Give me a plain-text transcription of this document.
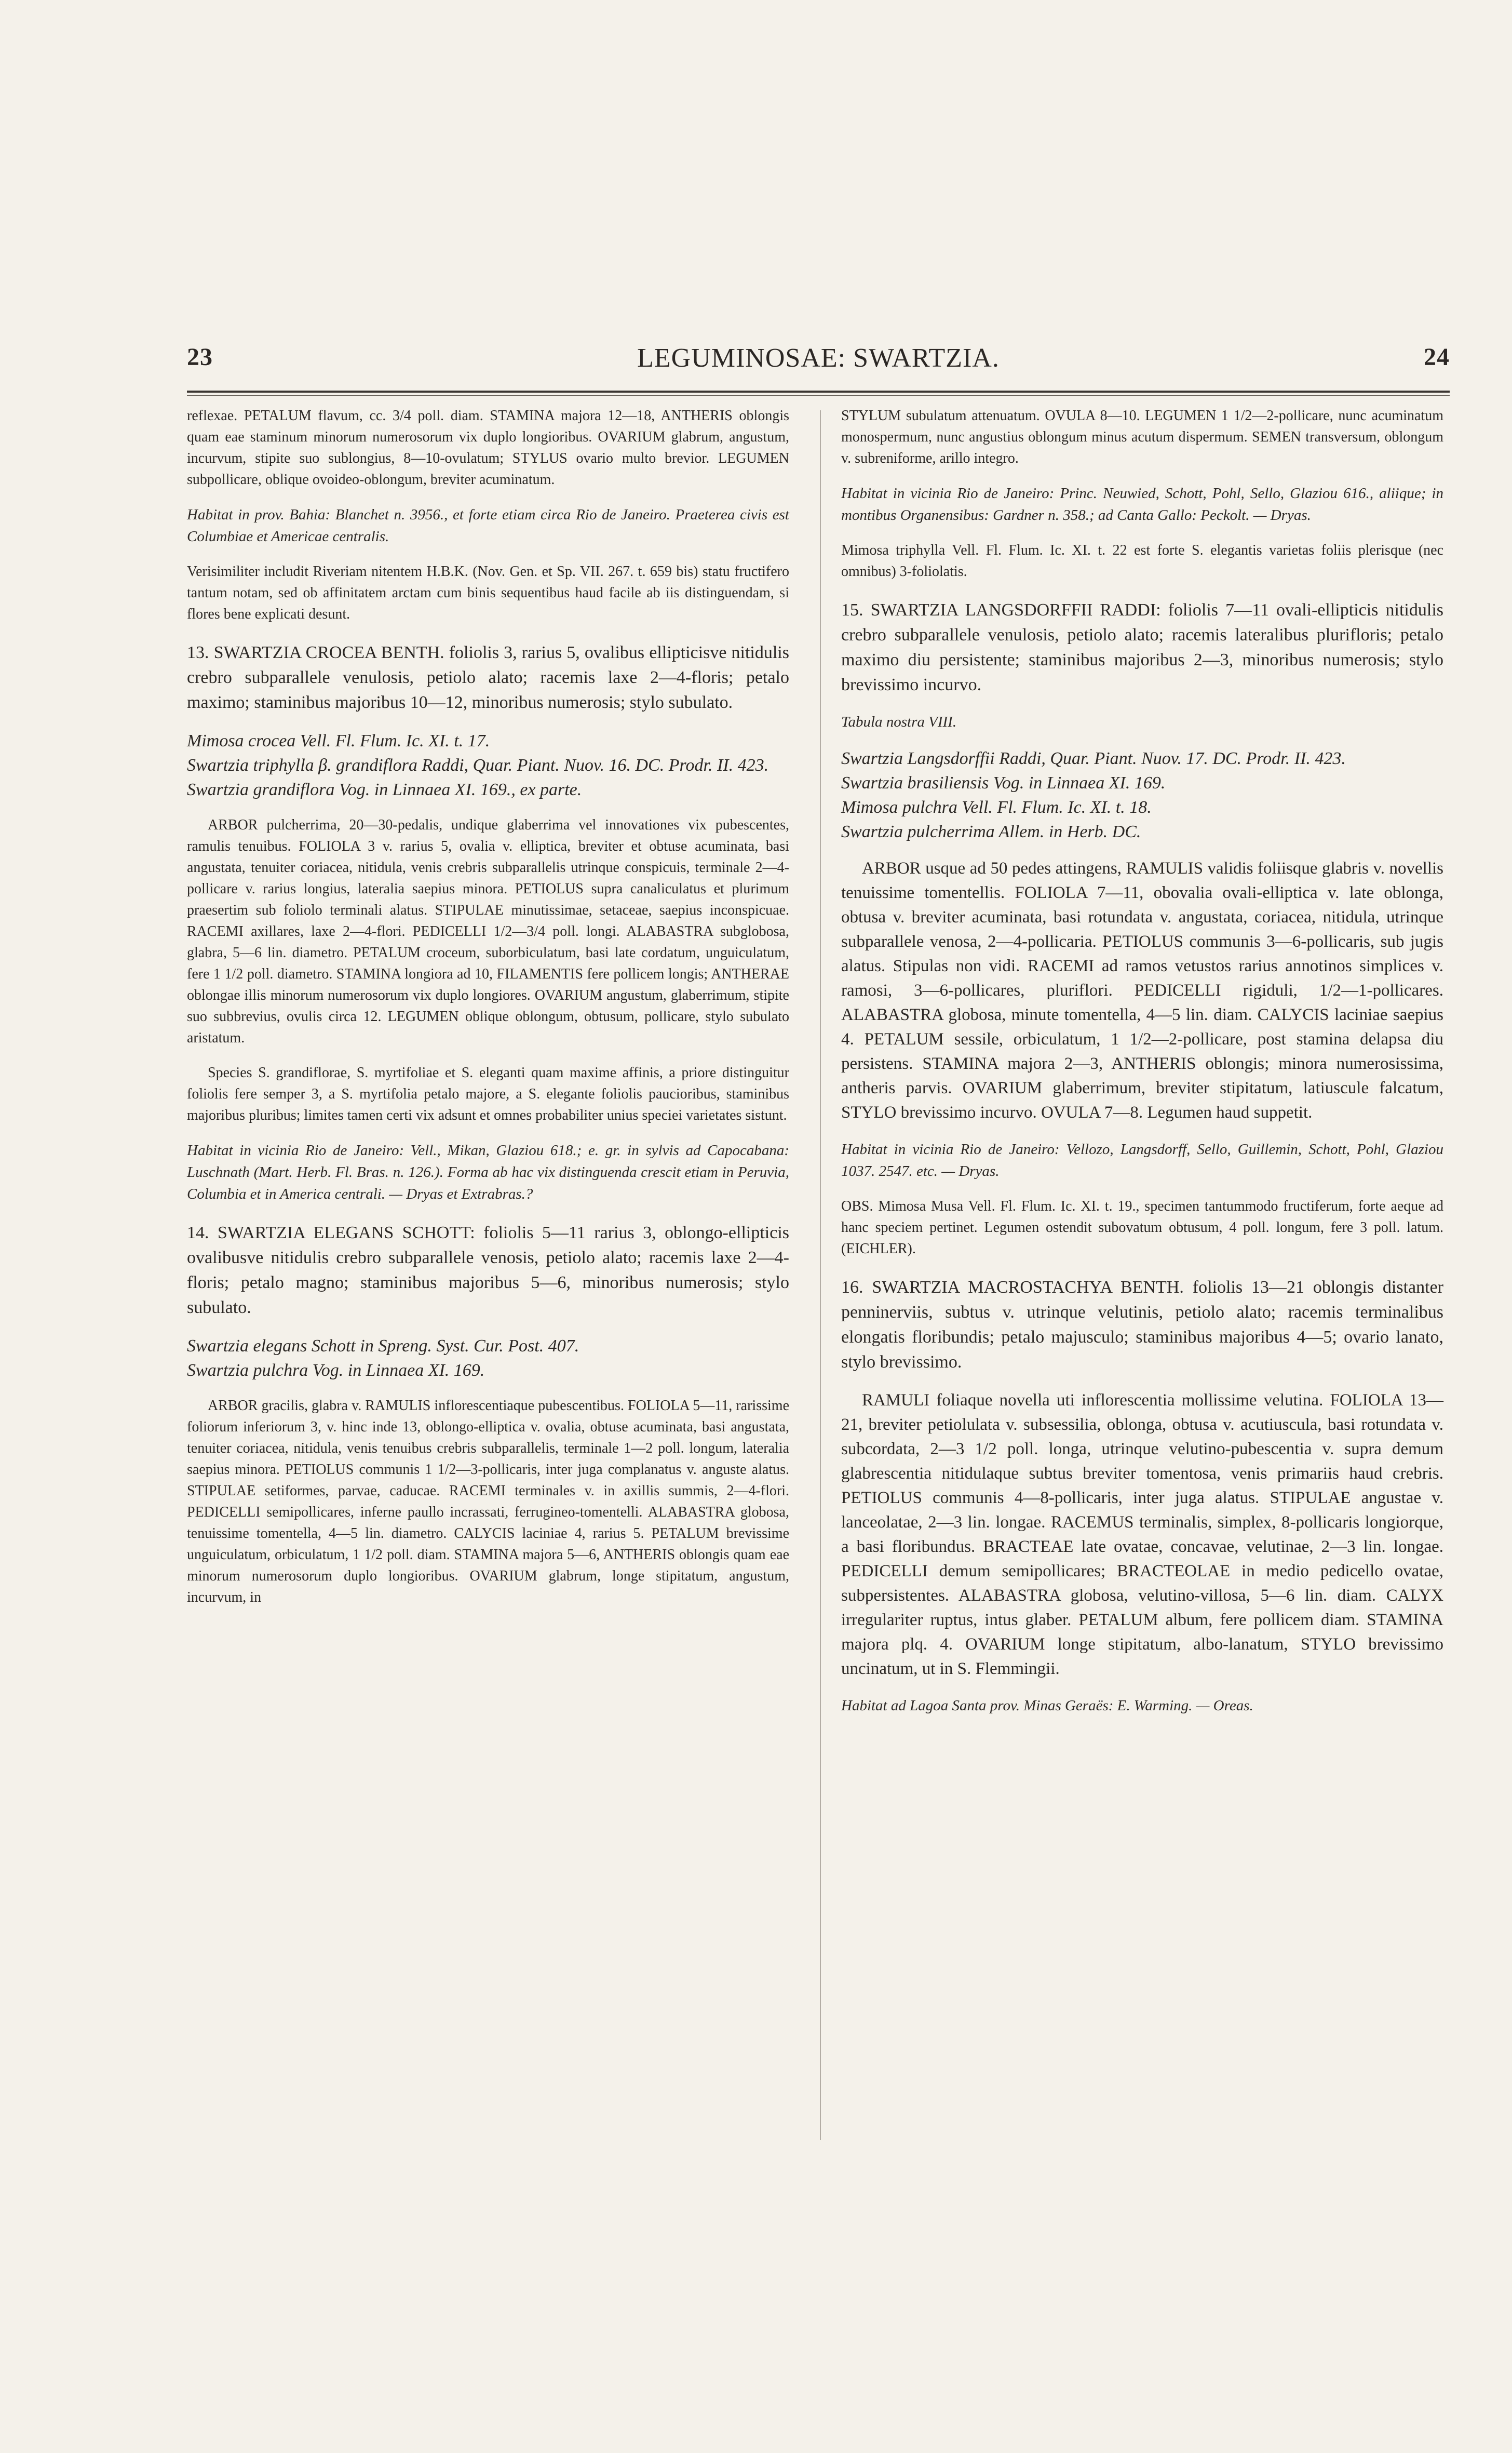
23	LEGUMINOSAE: SWARTZIA.	24

reflexae. PETALUM flavum, cc. 3/4 poll. diam. STAMINA majora 12—18, ANTHERIS oblongis quam eae staminum minorum numerosorum vix duplo longioribus. OVARIUM glabrum, angustum, incurvum, stipite suo sublongius, 8—10-ovulatum; STYLUS ovario multo brevior. LEGUMEN subpollicare, oblique ovoideo-oblongum, breviter acuminatum.

Habitat in prov. Bahia: Blanchet n. 3956., et forte etiam circa Rio de Janeiro. Praeterea civis est Columbiae et Americae centralis.

Verisimiliter includit Riveriam nitentem H.B.K. (Nov. Gen. et Sp. VII. 267. t. 659 bis) statu fructifero tantum notam, sed ob affinitatem arctam cum binis sequentibus haud facile ab iis distinguendam, si flores bene explicati desunt.

13. SWARTZIA CROCEA BENTH. foliolis 3, rarius 5, ovalibus ellipticisve nitidulis crebro subparallele venulosis, petiolo alato; racemis laxe 2—4-floris; petalo maximo; staminibus majoribus 10—12, minoribus numerosis; stylo subulato.

Mimosa crocea Vell. Fl. Flum. Ic. XI. t. 17.
Swartzia triphylla β. grandiflora Raddi, Quar. Piant. Nuov. 16. DC. Prodr. II. 423.
Swartzia grandiflora Vog. in Linnaea XI. 169., ex parte.

ARBOR pulcherrima, 20—30-pedalis, undique glaberrima vel innovationes vix pubescentes, ramulis tenuibus. FOLIOLA 3 v. rarius 5, ovalia v. elliptica, breviter et obtuse acuminata, basi angustata, tenuiter coriacea, nitidula, venis crebris subparallelis utrinque conspicuis, terminale 2—4-pollicare v. rarius longius, lateralia saepius minora. PETIOLUS supra canaliculatus et plurimum praesertim sub foliolo terminali alatus. STIPULAE minutissimae, setaceae, saepius inconspicuae. RACEMI axillares, laxe 2—4-flori. PEDICELLI 1/2—3/4 poll. longi. ALABASTRA subglobosa, glabra, 5—6 lin. diametro. PETALUM croceum, suborbiculatum, basi late cordatum, unguiculatum, fere 1 1/2 poll. diametro. STAMINA longiora ad 10, FILAMENTIS fere pollicem longis; ANTHERAE oblongae illis minorum numerosorum vix duplo longiores. OVARIUM angustum, glaberrimum, stipite suo subbrevius, ovulis circa 12. LEGUMEN oblique oblongum, obtusum, pollicare, stylo subulato aristatum.

Species S. grandiflorae, S. myrtifoliae et S. eleganti quam maxime affinis, a priore distinguitur foliolis fere semper 3, a S. myrtifolia petalo majore, a S. elegante foliolis paucioribus, staminibus majoribus pluribus; limites tamen certi vix adsunt et omnes probabiliter unius speciei varietates sistunt.

Habitat in vicinia Rio de Janeiro: Vell., Mikan, Glaziou 618.; e. gr. in sylvis ad Capocabana: Luschnath (Mart. Herb. Fl. Bras. n. 126.). Forma ab hac vix distinguenda crescit etiam in Peruvia, Columbia et in America centrali. — Dryas et Extrabras.?

14. SWARTZIA ELEGANS SCHOTT: foliolis 5—11 rarius 3, oblongo-ellipticis ovalibusve nitidulis crebro subparallele venosis, petiolo alato; racemis laxe 2—4-floris; petalo magno; staminibus majoribus 5—6, minoribus numerosis; stylo subulato.

Swartzia elegans Schott in Spreng. Syst. Cur. Post. 407.
Swartzia pulchra Vog. in Linnaea XI. 169.

ARBOR gracilis, glabra v. RAMULIS inflorescentiaque pubescentibus. FOLIOLA 5—11, rarissime foliorum inferiorum 3, v. hinc inde 13, oblongo-elliptica v. ovalia, obtuse acuminata, basi angustata, tenuiter coriacea, nitidula, venis tenuibus crebris subparallelis, terminale 1—2 poll. longum, lateralia saepius minora. PETIOLUS communis 1 1/2—3-pollicaris, inter juga complanatus v. anguste alatus. STIPULAE setiformes, parvae, caducae. RACEMI terminales v. in axillis summis, 2—4-flori. PEDICELLI semipollicares, inferne paullo incrassati, ferrugineo-tomentelli. ALABASTRA globosa, tenuissime tomentella, 4—5 lin. diametro. CALYCIS laciniae 4, rarius 5. PETALUM brevissime unguiculatum, orbiculatum, 1 1/2 poll. diam. STAMINA majora 5—6, ANTHERIS oblongis quam eae minorum numerosorum duplo longioribus. OVARIUM glabrum, longe stipitatum, angustum, incurvum, in

STYLUM subulatum attenuatum. OVULA 8—10. LEGUMEN 1 1/2—2-pollicare, nunc acuminatum monospermum, nunc angustius oblongum minus acutum dispermum. SEMEN transversum, oblongum v. subreniforme, arillo integro.

Habitat in vicinia Rio de Janeiro: Princ. Neuwied, Schott, Pohl, Sello, Glaziou 616., aliique; in montibus Organensibus: Gardner n. 358.; ad Canta Gallo: Peckolt. — Dryas.

Mimosa triphylla Vell. Fl. Flum. Ic. XI. t. 22 est forte S. elegantis varietas foliis plerisque (nec omnibus) 3-foliolatis.

15. SWARTZIA LANGSDORFFII RADDI: foliolis 7—11 ovali-ellipticis nitidulis crebro subparallele venulosis, petiolo alato; racemis lateralibus plurifloris; petalo maximo diu persistente; staminibus majoribus 2—3, minoribus numerosis; stylo brevissimo incurvo.

Tabula nostra VIII.

Swartzia Langsdorffii Raddi, Quar. Piant. Nuov. 17. DC. Prodr. II. 423.
Swartzia brasiliensis Vog. in Linnaea XI. 169.
Mimosa pulchra Vell. Fl. Flum. Ic. XI. t. 18.
Swartzia pulcherrima Allem. in Herb. DC.

ARBOR usque ad 50 pedes attingens, RAMULIS validis foliisque glabris v. novellis tenuissime tomentellis. FOLIOLA 7—11, obovalia ovali-elliptica v. late oblonga, obtusa v. breviter acuminata, basi rotundata v. angustata, coriacea, nitidula, utrinque subparallele venosa, 2—4-pollicaria. PETIOLUS communis 3—6-pollicaris, sub jugis alatus. Stipulas non vidi. RACEMI ad ramos vetustos rarius annotinos simplices v. ramosi, 3—6-pollicares, pluriflori. PEDICELLI rigiduli, 1/2—1-pollicares. ALABASTRA globosa, minute tomentella, 4—5 lin. diam. CALYCIS laciniae saepius 4. PETALUM sessile, orbiculatum, 1 1/2—2-pollicare, post stamina delapsa diu persistens. STAMINA majora 2—3, ANTHERIS oblongis; minora numerosissima, antheris parvis. OVARIUM glaberrimum, breviter stipitatum, latiuscule falcatum, STYLO brevissimo incurvo. OVULA 7—8. Legumen haud suppetit.

Habitat in vicinia Rio de Janeiro: Vellozo, Langsdorff, Sello, Guillemin, Schott, Pohl, Glaziou 1037. 2547. etc. — Dryas.

OBS. Mimosa Musa Vell. Fl. Flum. Ic. XI. t. 19., specimen tantummodo fructiferum, forte aeque ad hanc speciem pertinet. Legumen ostendit subovatum obtusum, 4 poll. longum, fere 3 poll. latum. (EICHLER).

16. SWARTZIA MACROSTACHYA BENTH. foliolis 13—21 oblongis distanter penninerviis, subtus v. utrinque velutinis, petiolo alato; racemis terminalibus elongatis floribundis; petalo majusculo; staminibus majoribus 4—5; ovario lanato, stylo brevissimo.

RAMULI foliaque novella uti inflorescentia mollissime velutina. FOLIOLA 13—21, breviter petiolulata v. subsessilia, oblonga, obtusa v. acutiuscula, basi rotundata v. subcordata, 2—3 1/2 poll. longa, utrinque velutino-pubescentia v. supra demum glabrescentia nitidulaque subtus breviter tomentosa, venis primariis haud crebris. PETIOLUS communis 4—8-pollicaris, inter juga alatus. STIPULAE angustae v. lanceolatae, 2—3 lin. longae. RACEMUS terminalis, simplex, 8-pollicaris longiorque, a basi floribundus. BRACTEAE late ovatae, concavae, velutinae, 2—3 lin. longae. PEDICELLI demum semipollicares; BRACTEOLAE in medio pedicello ovatae, subpersistentes. ALABASTRA globosa, velutino-villosa, 5—6 lin. diam. CALYX irregulariter ruptus, intus glaber. PETALUM album, fere pollicem diam. STAMINA majora plq. 4. OVARIUM longe stipitatum, albo-lanatum, STYLO brevissimo uncinatum, ut in S. Flemmingii.

Habitat ad Lagoa Santa prov. Minas Geraës: E. Warming. — Oreas.
